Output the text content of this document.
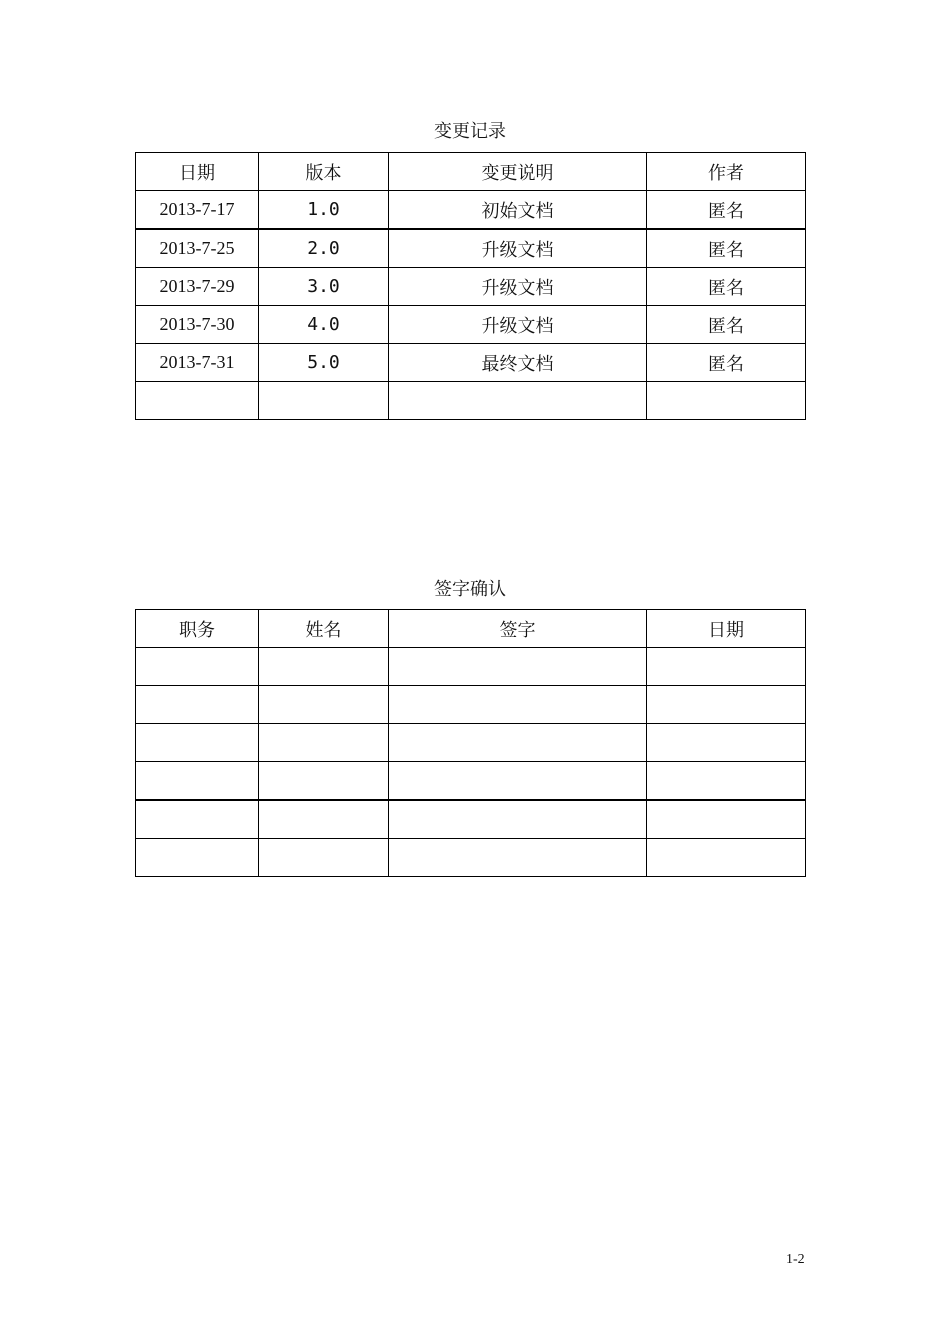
变更记录
日期	版本	变更说明	作者
2013-7-17	1.0	初始文档	匿名
2013-7-25	2.0	升级文档	匿名
2013-7-29	3.0	升级文档	匿名
2013-7-30	4.0	升级文档	匿名
2013-7-31	5.0	最终文档	匿名

签字确认
职务	姓名	签字	日期

1-2
